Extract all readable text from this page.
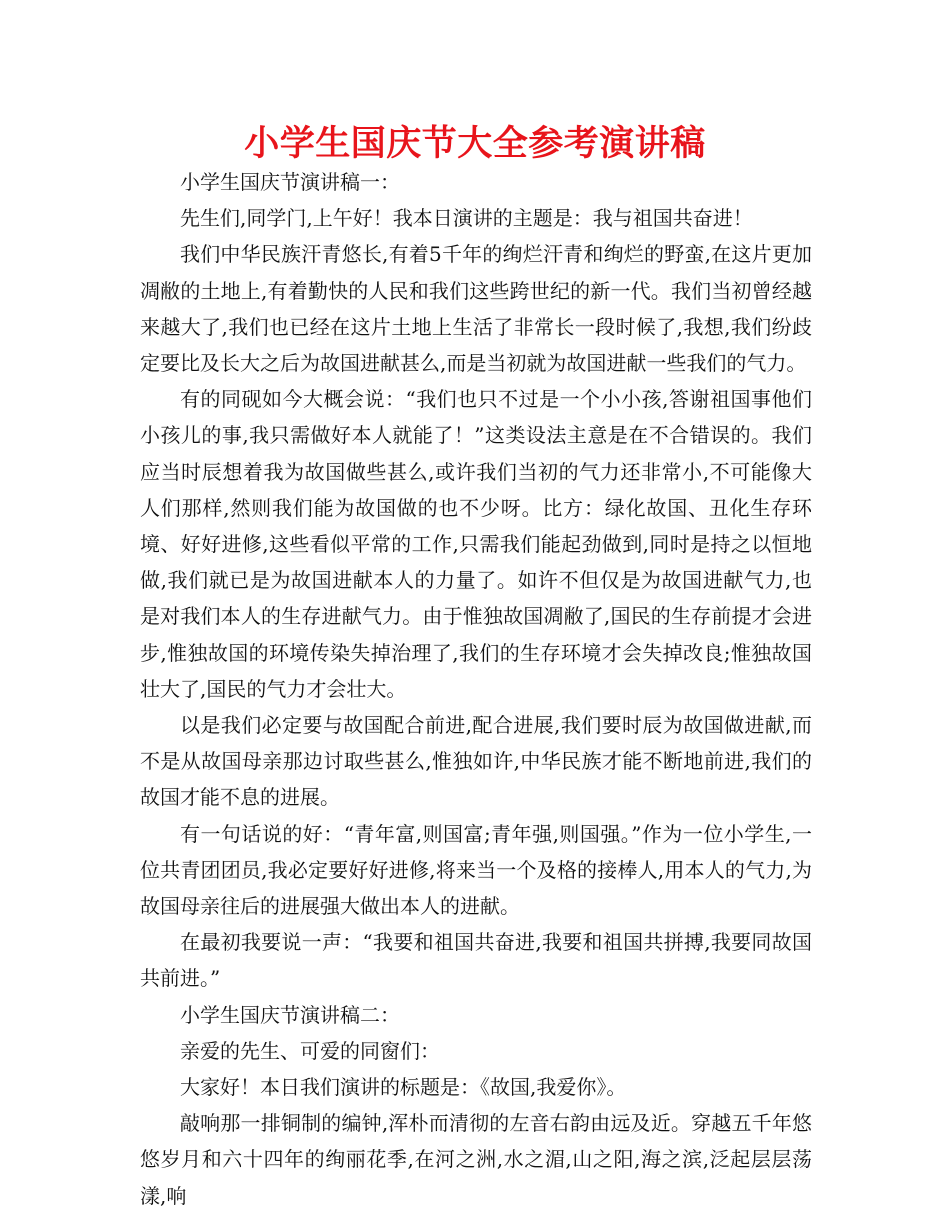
小学生国庆节大全参考演讲稿

小学生国庆节演讲稿一：

先生们,同学门,上午好！我本日演讲的主题是：我与祖国共奋进！

我们中华民族汗青悠长,有着5千年的绚烂汗青和绚烂的野蛮,在这片更加凋敝的土地上,有着勤快的人民和我们这些跨世纪的新一代。我们当初曾经越来越大了,我们也已经在这片土地上生活了非常长一段时候了,我想,我们纷歧定要比及长大之后为故国进献甚么,而是当初就为故国进献一些我们的气力。

有的同砚如今大概会说：“我们也只不过是一个小小孩,答谢祖国事他们小孩儿的事,我只需做好本人就能了！”这类设法主意是在不合错误的。我们应当时辰想着我为故国做些甚么,或许我们当初的气力还非常小,不可能像大人们那样,然则我们能为故国做的也不少呀。比方：绿化故国、丑化生存环境、好好进修,这些看似平常的工作,只需我们能起劲做到,同时是持之以恒地做,我们就已是为故国进献本人的力量了。如许不但仅是为故国进献气力,也是对我们本人的生存进献气力。由于惟独故国凋敝了,国民的生存前提才会进步,惟独故国的环境传染失掉治理了,我们的生存环境才会失掉改良;惟独故国壮大了,国民的气力才会壮大。

以是我们必定要与故国配合前进,配合进展,我们要时辰为故国做进献,而不是从故国母亲那边讨取些甚么,惟独如许,中华民族才能不断地前进,我们的故国才能不息的进展。

有一句话说的好：“青年富,则国富;青年强,则国强。”作为一位小学生,一位共青团团员,我必定要好好进修,将来当一个及格的接棒人,用本人的气力,为故国母亲往后的进展强大做出本人的进献。

在最初我要说一声：“我要和祖国共奋进,我要和祖国共拼搏,我要同故国共前进。”

小学生国庆节演讲稿二：

亲爱的先生、可爱的同窗们：

大家好！本日我们演讲的标题是：《故国,我爱你》。

敲响那一排铜制的编钟,浑朴而清彻的左音右韵由远及近。穿越五千年悠悠岁月和六十四年的绚丽花季,在河之洲,水之湄,山之阳,海之滨,泛起层层荡漾,响
